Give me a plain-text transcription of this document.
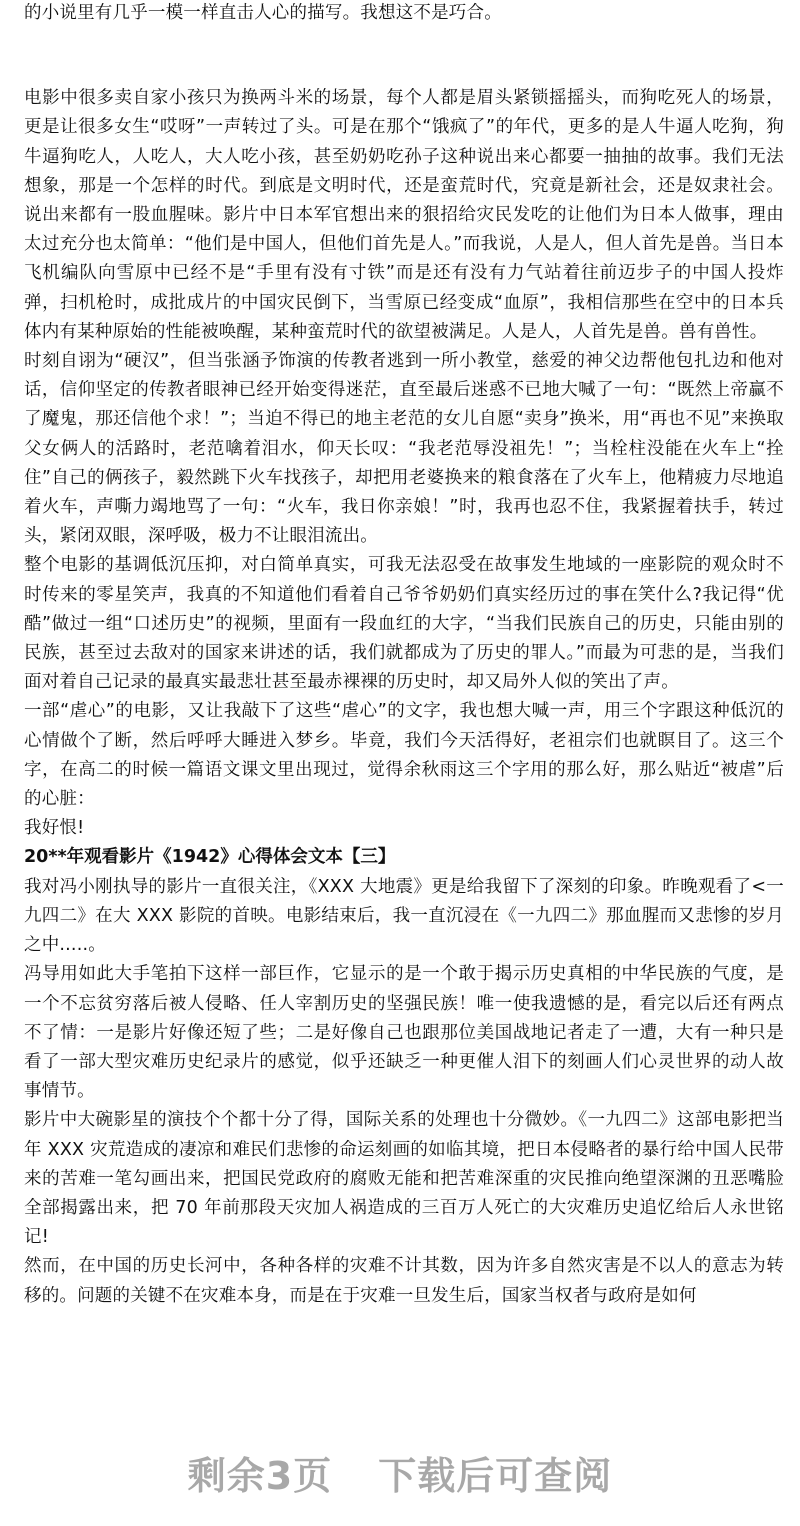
的小说里有几乎一模一样直击人心的描写。我想这不是巧合。

电影中很多卖自家小孩只为换两斗米的场景，每个人都是眉头紧锁摇摇头，而狗吃死人的场景，更是让很多女生“哎呀”一声转过了头。可是在那个“饿疯了”的年代，更多的是人牛逼人吃狗，狗牛逼狗吃人，人吃人，大人吃小孩，甚至奶奶吃孙子这种说出来心都要一抽抽的故事。我们无法想象，那是一个怎样的时代。到底是文明时代，还是蛮荒时代，究竟是新社会，还是奴隶社会。说出来都有一股血腥味。影片中日本军官想出来的狠招给灾民发吃的让他们为日本人做事，理由太过充分也太简单：“他们是中国人，但他们首先是人。”而我说，人是人，但人首先是兽。当日本飞机编队向雪原中已经不是“手里有没有寸铁”而是还有没有力气站着往前迈步子的中国人投炸弹，扫机枪时，成批成片的中国灾民倒下，当雪原已经变成“血原”，我相信那些在空中的日本兵体内有某种原始的性能被唤醒，某种蛮荒时代的欲望被满足。人是人，人首先是兽。兽有兽性。

时刻自诩为“硬汉”，但当张涵予饰演的传教者逃到一所小教堂，慈爱的神父边帮他包扎边和他对话，信仰坚定的传教者眼神已经开始变得迷茫，直至最后迷惑不已地大喊了一句：“既然上帝赢不了魔鬼，那还信他个求！”；当迫不得已的地主老范的女儿自愿“卖身”换米，用“再也不见”来换取父女俩人的活路时，老范噙着泪水，仰天长叹：“我老范辱没祖先！”；当栓柱没能在火车上“拴住”自己的俩孩子，毅然跳下火车找孩子，却把用老婆换来的粮食落在了火车上，他精疲力尽地追着火车，声嘶力竭地骂了一句：“火车，我日你亲娘！”时，我再也忍不住，我紧握着扶手，转过头，紧闭双眼，深呼吸，极力不让眼泪流出。

整个电影的基调低沉压抑，对白简单真实，可我无法忍受在故事发生地域的一座影院的观众时不时传来的零星笑声，我真的不知道他们看着自己爷爷奶奶们真实经历过的事在笑什么?我记得“优酷”做过一组“口述历史”的视频，里面有一段血红的大字，“当我们民族自己的历史，只能由别的民族，甚至过去敌对的国家来讲述的话，我们就都成为了历史的罪人。”而最为可悲的是，当我们面对着自己记录的最真实最悲壮甚至最赤裸裸的历史时，却又局外人似的笑出了声。

一部“虐心”的电影，又让我敲下了这些“虐心”的文字，我也想大喊一声，用三个字跟这种低沉的心情做个了断，然后呼呼大睡进入梦乡。毕竟，我们今天活得好，老祖宗们也就瞑目了。这三个字，在高二的时候一篇语文课文里出现过，觉得余秋雨这三个字用的那么好，那么贴近“被虐”后的心脏：

我好恨!

20**年观看影片《1942》心得体会文本【三】

我对冯小刚执导的影片一直很关注，《XXX 大地震》更是给我留下了深刻的印象。昨晚观看了<一九四二》在大 XXX 影院的首映。电影结束后，我一直沉浸在《一九四二》那血腥而又悲惨的岁月之中.....。

冯导用如此大手笔拍下这样一部巨作，它显示的是一个敢于揭示历史真相的中华民族的气度，是一个不忘贫穷落后被人侵略、任人宰割历史的坚强民族！唯一使我遗憾的是，看完以后还有两点不了情：一是影片好像还短了些；二是好像自己也跟那位美国战地记者走了一遭，大有一种只是看了一部大型灾难历史纪录片的感觉，似乎还缺乏一种更催人泪下的刻画人们心灵世界的动人故事情节。

影片中大碗影星的演技个个都十分了得，国际关系的处理也十分微妙。《一九四二》这部电影把当年 XXX 灾荒造成的凄凉和难民们悲惨的命运刻画的如临其境，把日本侵略者的暴行给中国人民带来的苦难一笔勾画出来，把国民党政府的腐败无能和把苦难深重的灾民推向绝望深渊的丑恶嘴脸全部揭露出来，把 70 年前那段天灾加人祸造成的三百万人死亡的大灾难历史追忆给后人永世铭记!

然而，在中国的历史长河中，各种各样的灾难不计其数，因为许多自然灾害是不以人的意志为转移的。问题的关键不在灾难本身，而是在于灾难一旦发生后，国家当权者与政府是如何

剩余3页 下载后可查阅
